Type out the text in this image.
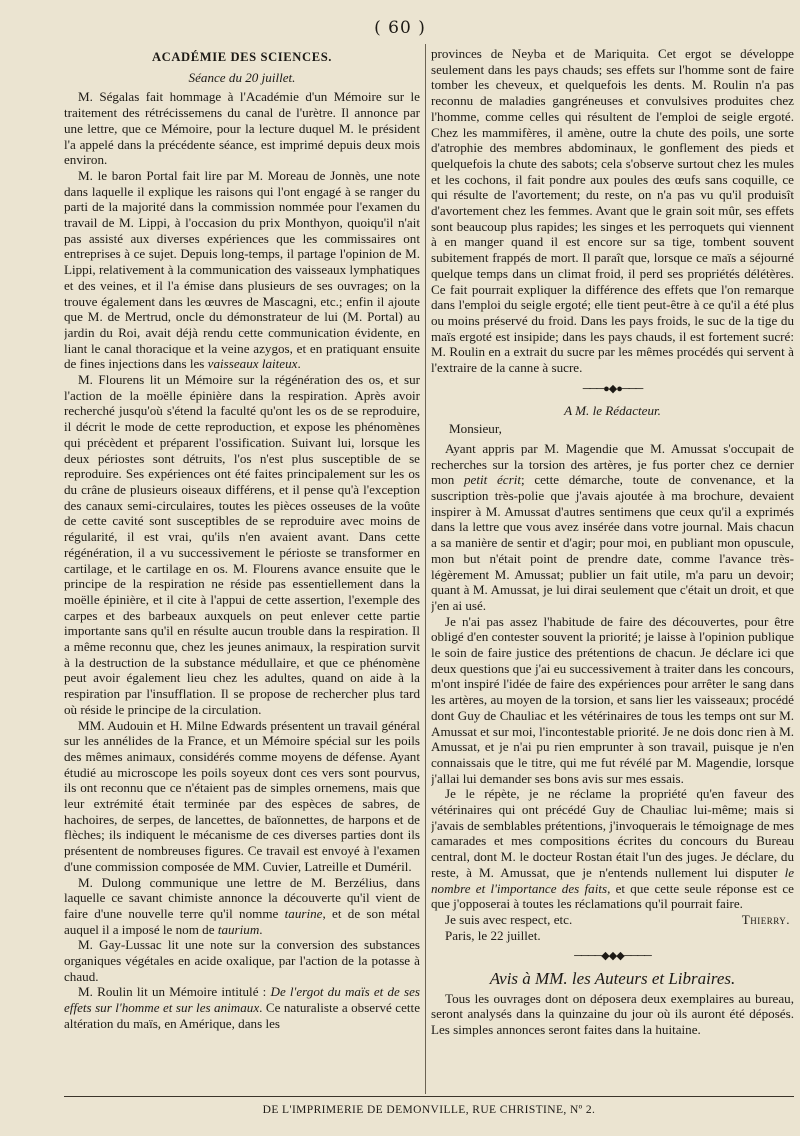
( 60 )
ACADÉMIE DES SCIENCES.
Séance du 20 juillet.

M. Ségalas fait hommage à l'Académie d'un Mémoire sur le traitement des rétrécissemens du canal de l'urètre. Il annonce par une lettre, que ce Mémoire, pour la lecture duquel M. le président l'a appelé dans la précédente séance, est imprimé depuis deux mois environ.

M. le baron Portal fait lire par M. Moreau de Jonnès, une note dans laquelle il explique les raisons qui l'ont engagé à se ranger du parti de la majorité dans la commission nommée pour l'examen du travail de M. Lippi, à l'occasion du prix Monthyon, quoiqu'il n'ait pas assisté aux diverses expériences que les commissaires ont entreprises à ce sujet. Depuis long-temps, il partage l'opinion de M. Lippi, relativement à la communication des vaisseaux lymphatiques et des veines, et il l'a émise dans plusieurs de ses ouvrages; on la trouve également dans les œuvres de Mascagni, etc.; enfin il ajoute que M. de Mertrud, oncle du démonstrateur de lui (M. Portal) au jardin du Roi, avait déjà rendu cette communication évidente, en liant le canal thoracique et la veine azygos, et en pratiquant ensuite de fines injections dans les vaisseaux laiteux.

M. Flourens lit un Mémoire sur la régénération des os, et sur l'action de la moëlle épinière dans la respiration. Après avoir recherché jusqu'où s'étend la faculté qu'ont les os de se reproduire, il décrit le mode de cette reproduction, et expose les phénomènes qui précèdent et préparent l'ossification. Suivant lui, lorsque les deux périostes sont détruits, l'os n'est plus susceptible de se reproduire. Ses expériences ont été faites principalement sur les os du crâne de plusieurs oiseaux différens, et il pense qu'à l'exception des canaux semi-circulaires, toutes les pièces osseuses de la voûte de cette cavité sont susceptibles de se reproduire avec moins de régularité, il est vrai, qu'ils n'en avaient avant. Dans cette régénération, il a vu successivement le périoste se transformer en cartilage, et le cartilage en os. M. Flourens avance ensuite que le principe de la respiration ne réside pas essentiellement dans la moëlle épinière, et il cite à l'appui de cette assertion, l'exemple des carpes et des barbeaux auxquels on peut enlever cette partie importante sans qu'il en résulte aucun trouble dans la respiration. Il a même reconnu que, chez les jeunes animaux, la respiration survit à la destruction de la substance médullaire, et que ce phénomène peut avoir également lieu chez les adultes, quand on aide à la respiration par l'insufflation. Il se propose de rechercher plus tard où réside le principe de la circulation.

MM. Audouin et H. Milne Edwards présentent un travail général sur les annélides de la France, et un Mémoire spécial sur les poils des mêmes animaux, considérés comme moyens de défense. Ayant étudié au microscope les poils soyeux dont ces vers sont pourvus, ils ont reconnu que ce n'étaient pas de simples ornemens, mais que leur extrémité était terminée par des espèces de sabres, de hachoires, de serpes, de lancettes, de baïonnettes, de harpons et de flèches; ils indiquent le mécanisme de ces diverses parties dont ils présentent de nombreuses figures. Ce travail est envoyé à l'examen d'une commission composée de MM. Cuvier, Latreille et Duméril.

M. Dulong communique une lettre de M. Berzélius, dans laquelle ce savant chimiste annonce la découverte qu'il vient de faire d'une nouvelle terre qu'il nomme taurine, et de son métal auquel il a imposé le nom de taurium.

M. Gay-Lussac lit une note sur la conversion des substances organiques végétales en acide oxalique, par l'action de la potasse à chaud.

M. Roulin lit un Mémoire intitulé : De l'ergot du maïs et de ses effets sur l'homme et sur les animaux. Ce naturaliste a observé cette altération du maïs, en Amérique, dans les

provinces de Neyba et de Mariquita. Cet ergot se développe seulement dans les pays chauds; ses effets sur l'homme sont de faire tomber les cheveux, et quelquefois les dents. M. Roulin n'a pas reconnu de maladies gangréneuses et convulsives produites chez l'homme, comme celles qui résultent de l'emploi de seigle ergoté. Chez les mammifères, il amène, outre la chute des poils, une sorte d'atrophie des membres abdominaux, le gonflement des pieds et quelquefois la chute des sabots; cela s'observe surtout chez les mules et les cochons, il fait pondre aux poules des œufs sans coquille, ce qui résulte de l'avortement; du reste, on n'a pas vu qu'il produisît d'avortement chez les femmes. Avant que le grain soit mûr, ses effets sont beaucoup plus rapides; les singes et les perroquets qui viennent à en manger quand il est encore sur sa tige, tombent souvent subitement frappés de mort. Il paraît que, lorsque ce maïs a séjourné quelque temps dans un climat froid, il perd ses propriétés délétères. Ce fait pourrait expliquer la différence des effets que l'on remarque dans l'emploi du seigle ergoté; elle tient peut-être à ce qu'il a été plus ou moins préservé du froid. Dans les pays froids, le suc de la tige du maïs ergoté est insipide; dans les pays chauds, il est fortement sucré: M. Roulin en a extrait du sucre par les mêmes procédés qui servent à l'extraire de la canne à sucre.

───●◆●───
A M. le Rédacteur.
Monsieur,

Ayant appris par M. Magendie que M. Amussat s'occupait de recherches sur la torsion des artères, je fus porter chez ce dernier mon petit écrit; cette démarche, toute de convenance, et la suscription très-polie que j'avais ajoutée à ma brochure, devaient inspirer à M. Amussat d'autres sentimens que ceux qu'il a exprimés dans la lettre que vous avez insérée dans votre journal. Mais chacun a sa manière de sentir et d'agir; pour moi, en publiant mon opuscule, mon but n'était point de prendre date, comme l'avance très-légèrement M. Amussat; publier un fait utile, m'a paru un devoir; quant à M. Amussat, je lui dirai seulement que c'était un droit, et que j'en ai usé.

Je n'ai pas assez l'habitude de faire des découvertes, pour être obligé d'en contester souvent la priorité; je laisse à l'opinion publique le soin de faire justice des prétentions de chacun. Je déclare ici que deux questions que j'ai eu successivement à traiter dans les concours, m'ont inspiré l'idée de faire des expériences pour arrêter le sang dans les artères, au moyen de la torsion, et sans lier les vaisseaux; procédé dont Guy de Chauliac et les vétérinaires de tous les temps ont sur M. Amussat et sur moi, l'incontestable priorité. Je ne dois donc rien à M. Amussat, et je n'ai pu rien emprunter à son travail, puisque je n'en connaissais que le titre, qui me fut révélé par M. Magendie, lorsque j'allai lui demander ses bons avis sur mes essais.

Je le répète, je ne réclame la propriété qu'en faveur des vétérinaires qui ont précédé Guy de Chauliac lui-même; mais si j'avais de semblables prétentions, j'invoquerais le témoignage de mes camarades et mes compositions écrites du concours du Bureau central, dont M. le docteur Rostan était l'un des juges. Je déclare, du reste, à M. Amussat, que je n'entends nullement lui disputer le nombre et l'importance des faits, et que cette seule réponse est ce que j'opposerai à toutes les réclamations qu'il pourrait faire.

Je suis avec respect, etc.	Thierry.

Paris, le 22 juillet.

────◆◆◆────
Avis à MM. les Auteurs et Libraires.

Tous les ouvrages dont on déposera deux exemplaires au bureau, seront analysés dans la quinzaine du jour où ils auront été déposés. Les simples annonces seront faites dans la huitaine.

DE L'IMPRIMERIE DE DEMONVILLE, RUE CHRISTINE, Nº 2.
